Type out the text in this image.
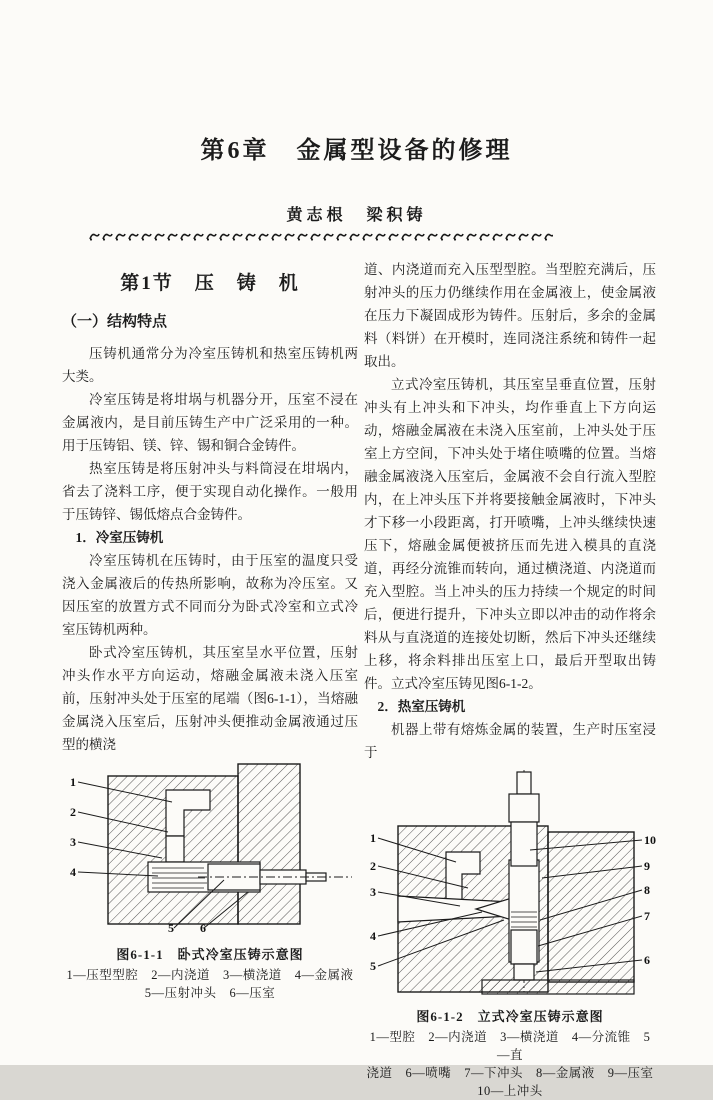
第6章　金属型设备的修理
黄志根　梁积铸
第1节　压　铸　机
（一）结构特点

压铸机通常分为冷室压铸机和热室压铸机两大类。

冷室压铸是将坩埚与机器分开，压室不浸在金属液内，是目前压铸生产中广泛采用的一种。用于压铸铝、镁、锌、锡和铜合金铸件。

热室压铸是将压射冲头与料筒浸在坩埚内，省去了浇料工序，便于实现自动化操作。一般用于压铸锌、锡低熔点合金铸件。

1．冷室压铸机

冷室压铸机在压铸时，由于压室的温度只受浇入金属液后的传热所影响，故称为冷压室。又因压室的放置方式不同而分为卧式冷室和立式冷室压铸机两种。

卧式冷室压铸机，其压室呈水平位置，压射冲头作水平方向运动，熔融金属液未浇入压室前，压射冲头处于压室的尾端（图6-1-1），当熔融金属浇入压室后，压射冲头便推动金属液通过压型的横浇

1
2
3
4
5 6

图6-1-1　卧式冷室压铸示意图

1—压型型腔　2—内浇道　3—横浇道　4—金属液

5—压射冲头　6—压室

道、内浇道而充入压型型腔。当型腔充满后，压射冲头的压力仍继续作用在金属液上，使金属液在压力下凝固成形为铸件。压射后，多余的金属料（料饼）在开模时，连同浇注系统和铸件一起取出。

立式冷室压铸机，其压室呈垂直位置，压射冲头有上冲头和下冲头，均作垂直上下方向运动，熔融金属液在未浇入压室前，上冲头处于压室上方空间，下冲头处于堵住喷嘴的位置。当熔融金属液浇入压室后，金属液不会自行流入型腔内，在上冲头压下并将要接触金属液时，下冲头才下移一小段距离，打开喷嘴，上冲头继续快速压下，熔融金属便被挤压而先进入模具的直浇道，再经分流锥而转向，通过横浇道、内浇道而充入型腔。当上冲头的压力持续一个规定的时间后，便进行提升，下冲头立即以冲击的动作将余料从与直浇道的连接处切断，然后下冲头还继续上移，将余料排出压室上口，最后开型取出铸件。立式冷室压铸见图6-1-2。

2．热室压铸机

机器上带有熔炼金属的装置，生产时压室浸于

1
2
3
4
5
10
9
8
7
6

图6-1-2　立式冷室压铸示意图

1—型腔　2—内浇道　3—横浇道　4—分流锥　5—直

浇道　6—喷嘴　7—下冲头　8—金属液　9—压室

10—上冲头
